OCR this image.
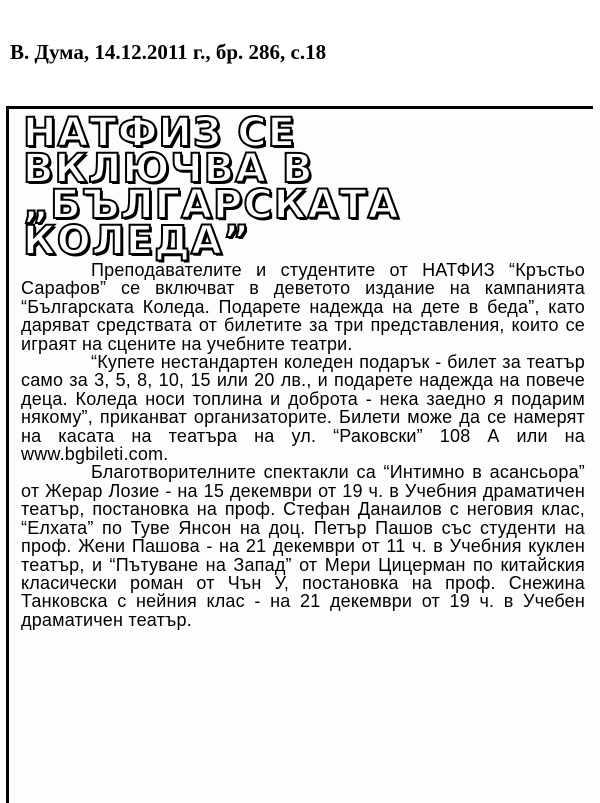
В. Дума, 14.12.2011 г., бр. 286, с.18
НАТФИЗ СЕ
ВКЛЮЧВА В
„БЪЛГАРСКАТА
КОЛЕДА”

Преподавателите и студентите от НАТФИЗ “Кръстьо Сарафов” се включват в деветото издание на кампанията “Българската Коледа. Подарете надежда на дете в беда”, като даряват средствата от билетите за три представления, които се играят на сцените на учебните театри.

“Купете нестандартен коледен подарък - билет за театър само за 3, 5, 8, 10, 15 или 20 лв., и подарете надежда на повече деца. Коледа носи топлина и доброта - нека заедно я подарим някому”, приканват организаторите. Билети може да се намерят на касата на театъра на ул. “Раковски” 108 А или на www.bgbileti.com.

Благотворителните спектакли са “Интимно в асансьора” от Жерар Лозие - на 15 декември от 19 ч. в Учебния драматичен театър, постановка на проф. Стефан Данаилов с неговия клас, “Елхата” по Туве Янсон на доц. Петър Пашов със студенти на проф. Жени Пашова - на 21 декември от 11 ч. в Учебния куклен театър, и “Пътуване на Запад” от Мери Цицерман по китайския класически роман от Чън У, постановка на проф. Снежина Танковска с нейния клас - на 21 декември от 19 ч. в Учебен драматичен театър.
